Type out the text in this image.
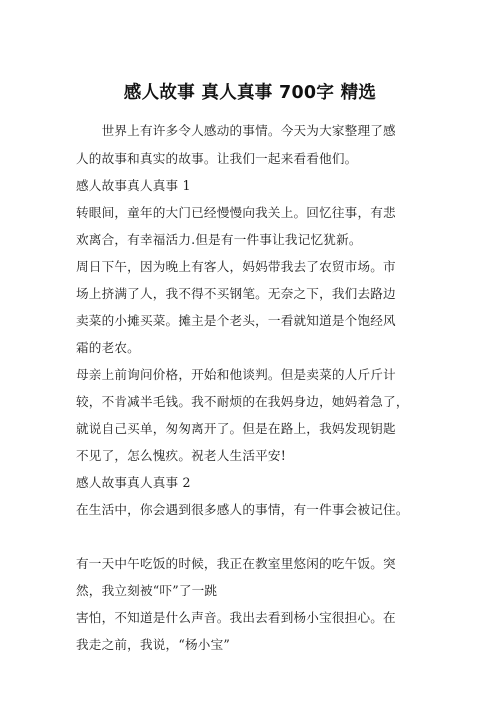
感人故事 真人真事 700字 精选
　　世界上有许多令人感动的事情。今天为大家整理了感
人的故事和真实的故事。让我们一起来看看他们。
感人故事真人真事 1
转眼间，童年的大门已经慢慢向我关上。回忆往事，有悲
欢离合，有幸福活力.但是有一件事让我记忆犹新。
周日下午，因为晚上有客人，妈妈带我去了农贸市场。市
场上挤满了人，我不得不买钢笔。无奈之下，我们去路边
卖菜的小摊买菜。摊主是个老头，一看就知道是个饱经风
霜的老农。
母亲上前询问价格，开始和他谈判。但是卖菜的人斤斤计
较，不肯减半毛钱。我不耐烦的在我妈身边，她妈着急了，
就说自己买单，匆匆离开了。但是在路上，我妈发现钥匙
不见了，怎么愧疚。祝老人生活平安!
感人故事真人真事 2
在生活中，你会遇到很多感人的事情，有一件事会被记住。
有一天中午吃饭的时候，我正在教室里悠闲的吃午饭。突
然，我立刻被“吓”了一跳
害怕，不知道是什么声音。我出去看到杨小宝很担心。在
我走之前，我说，“杨小宝”
